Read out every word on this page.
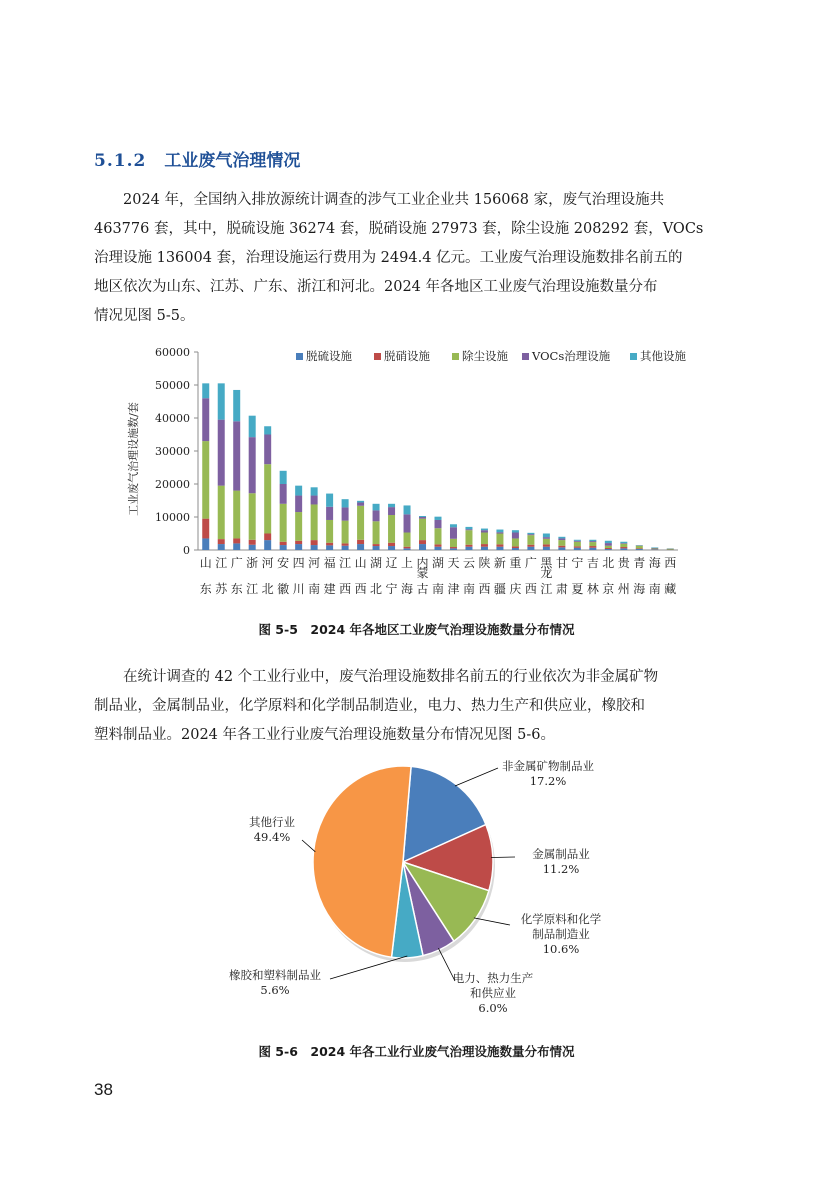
5.1.2 工业废气治理情况
2024 年，全国纳入排放源统计调查的涉气工业企业共 156068 家，废气治理设施共
463776 套，其中，脱硫设施 36274 套，脱硝设施 27973 套，除尘设施 208292 套，VOCs
治理设施 136004 套，治理设施运行费用为 2494.4 亿元。工业废气治理设施数排名前五的
地区依次为山东、江苏、广东、浙江和河北。2024 年各地区工业废气治理设施数量分布
情况见图 5-5。
0
10000
20000
30000
40000
50000
60000
工业废气治理设施数/套
山
东
江
苏
广
东
浙
江
河
北
安
徽
四
川
河
南
福
建
江
西
山
西
湖
北
辽
宁
上
海
内
蒙
古
湖
南
天
津
云
南
陕
西
新
疆
重
庆
广
西
黑
龙
江
甘
肃
宁
夏
吉
林
北
京
贵
州
青
海
海
南
西
藏
脱硫设施	脱硝设施	除尘设施 VOCs治理设施	其他设施
图 5-5　2024 年各地区工业废气治理设施数量分布情况
在统计调查的 42 个工业行业中，废气治理设施数排名前五的行业依次为非金属矿物
制品业，金属制品业，化学原料和化学制品制造业，电力、热力生产和供应业，橡胶和
塑料制品业。2024 年各工业行业废气治理设施数量分布情况见图 5-6。
非金属矿物制品业
17.2%
金属制品业
11.2%
化学原料和化学
制品制造业
10.6%
电力、热力生产
和供应业
6.0%
橡胶和塑料制品业
5.6%
其他行业
49.4%
图 5-6　2024 年各工业行业废气治理设施数量分布情况
38
